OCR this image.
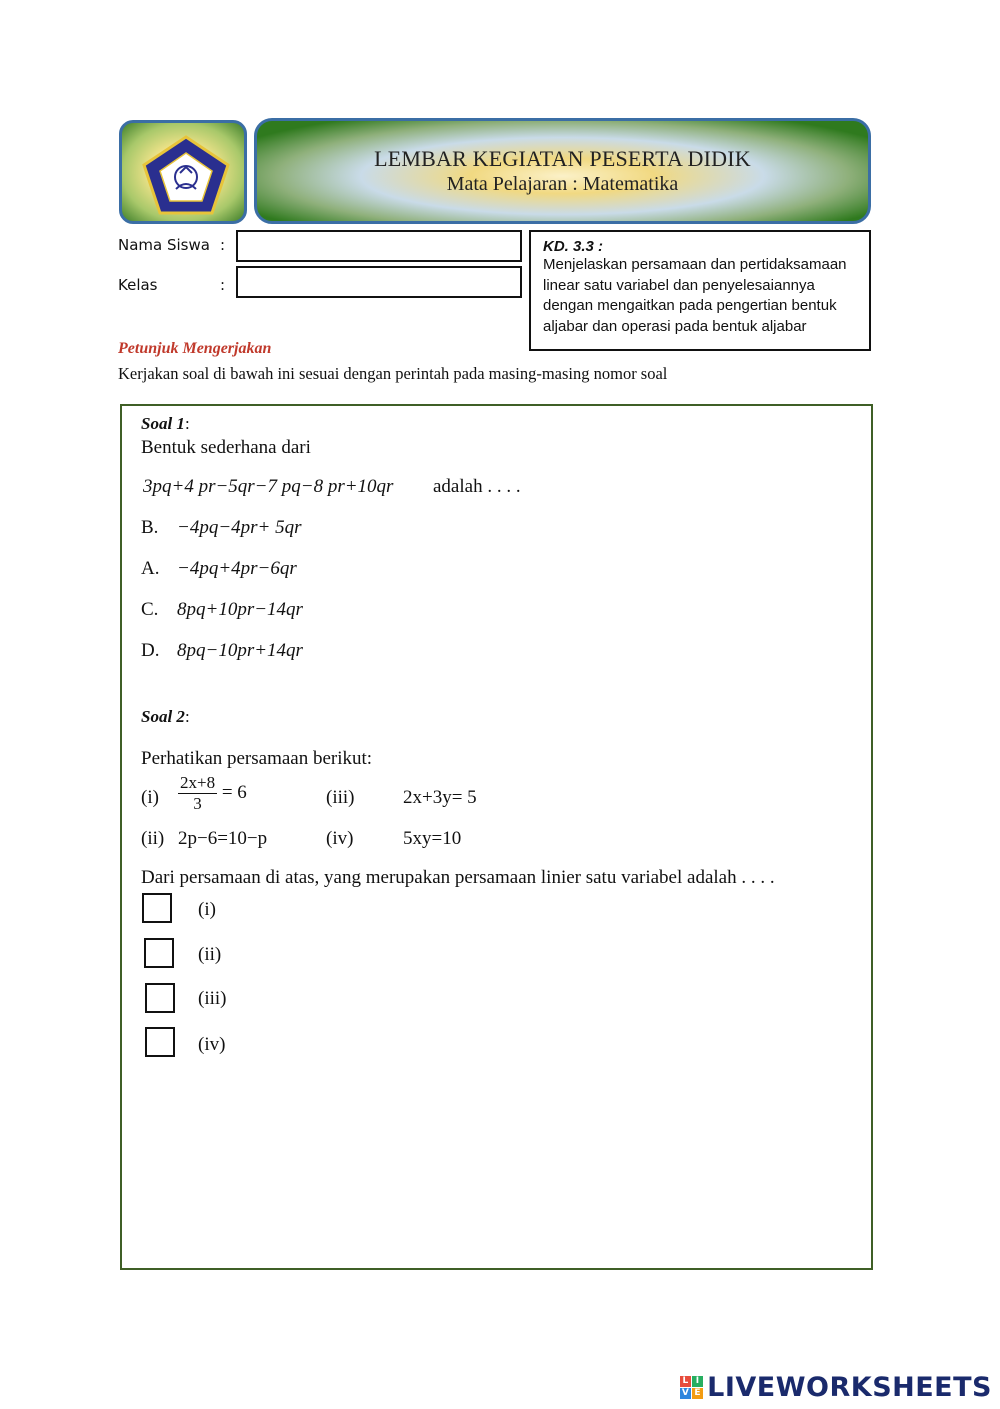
LEMBAR KEGIATAN PESERTA DIDIK
Mata Pelajaran : Matematika
Nama Siswa :
Kelas	:
KD. 3.3 :
Menjelaskan persamaan dan pertidaksamaan
linear satu variabel dan penyelesaiannya
dengan mengaitkan pada pengertian bentuk
aljabar dan operasi pada bentuk aljabar
Petunjuk Mengerjakan
Kerjakan soal di bawah ini sesuai dengan perintah pada masing-masing nomor soal
Soal 1:
Bentuk sederhana dari
3pq+4 pr−5qr−7 pq−8 pr+10qr adalah . . . .
B. −4pq−4pr+ 5qr
A. −4pq+4pr−6qr
C. 8pq+10pr−14qr
D. 8pq−10pr+14qr
Soal 2:
Perhatikan persamaan berikut:
$(i) \frac{2x+8}{3} = 6$	(iii)	2x+3y= 5
(ii) 2p−6=10−p	(iv)	5xy=10
Dari persamaan di atas, yang merupakan persamaan linier satu variabel adalah . . . .
(i)
(ii)
(iii)
(iv)
L I
V E LIVEWORKSHEETS
